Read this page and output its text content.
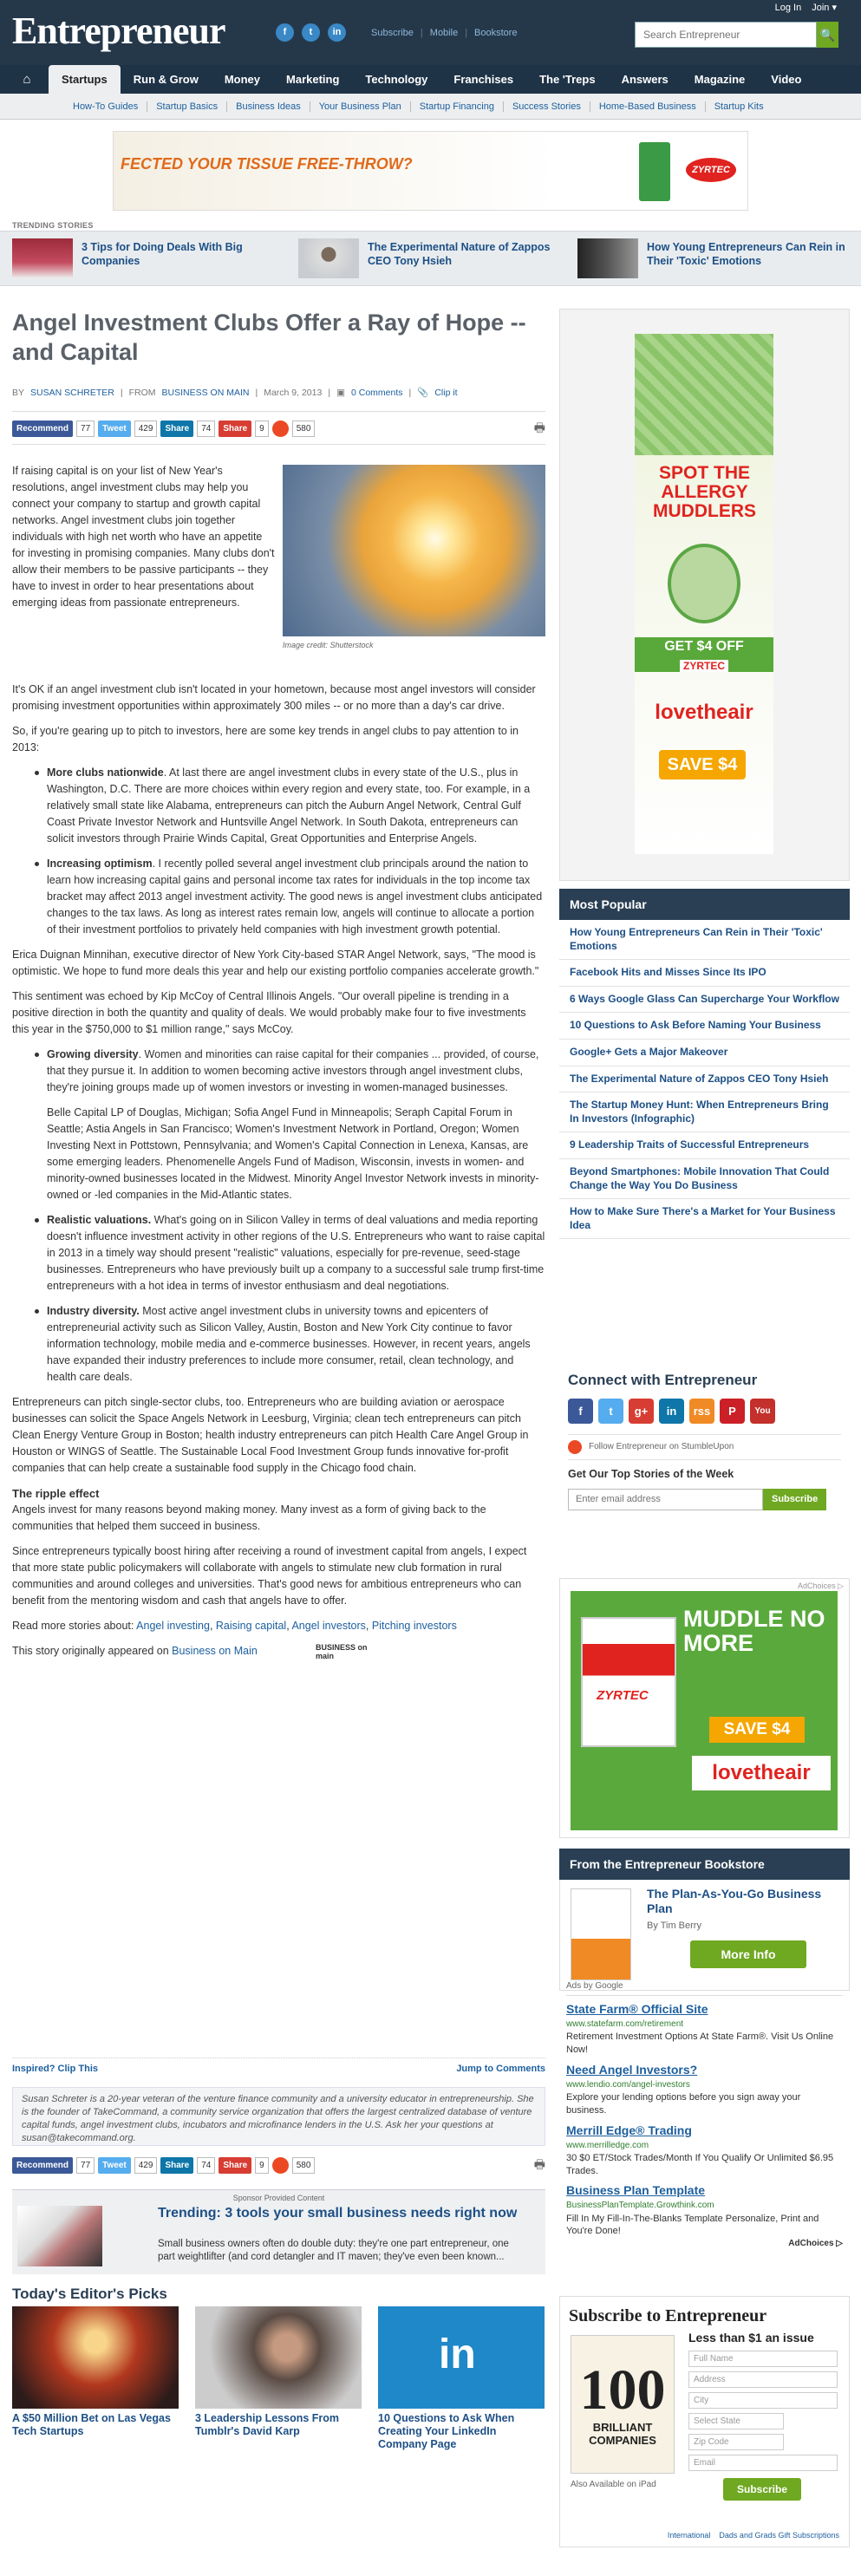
Entrepreneur	f	t	in	Subscribe | Mobile | Bookstore
Log In Join ▾
Search Entrepreneur
🔍
⌂	Startups	Run & Grow	Money	Marketing	Technology	Franchises	The 'Treps	Answers	Magazine	Video
How-To Guides	Startup Basics	Business Ideas	Your Business Plan	Startup Financing	Success Stories	Home-Based Business	Startup Kits
FECTED YOUR TISSUE FREE-THROW?	ZYRTEC
TRENDING STORIES
3 Tips for Doing Deals With Big Companies
The Experimental Nature of Zappos CEO Tony Hsieh
How Young Entrepreneurs Can Rein in Their 'Toxic' Emotions
Angel Investment Clubs Offer a Ray of Hope -- and Capital
BY SUSAN SCHRETER | FROM BUSINESS ON MAIN | March 9, 2013 | ▣ 0 Comments | 📎 Clip it
Recommend	77	Tweet	429	Share	74	Share	9	580	🖶
Image credit: Shutterstock

If raising capital is on your list of New Year's resolutions, angel investment clubs may help you connect your company to startup and growth capital networks. Angel investment clubs join together individuals with high net worth who have an appetite for investing in promising companies. Many clubs don't allow their members to be passive participants -- they have to invest in order to hear presentations about emerging ideas from passionate entrepreneurs.

It's OK if an angel investment club isn't located in your hometown, because most angel investors will consider promising investment opportunities within approximately 300 miles -- or no more than a day's car drive.

So, if you're gearing up to pitch to investors, here are some key trends in angel clubs to pay attention to in 2013:

More clubs nationwide. At last there are angel investment clubs in every state of the U.S., plus in Washington, D.C. There are more choices within every region and every state, too. For example, in a relatively small state like Alabama, entrepreneurs can pitch the Auburn Angel Network, Central Gulf Coast Private Investor Network and Huntsville Angel Network. In South Dakota, entrepreneurs can solicit investors through Prairie Winds Capital, Great Opportunities and Enterprise Angels.

Increasing optimism. I recently polled several angel investment club principals around the nation to learn how increasing capital gains and personal income tax rates for individuals in the top income tax bracket may affect 2013 angel investment activity. The good news is angel investment clubs anticipated changes to the tax laws. As long as interest rates remain low, angels will continue to allocate a portion of their investment portfolios to privately held companies with high investment growth potential.

Erica Duignan Minnihan, executive director of New York City-based STAR Angel Network, says, "The mood is optimistic. We hope to fund more deals this year and help our existing portfolio companies accelerate growth."

This sentiment was echoed by Kip McCoy of Central Illinois Angels. "Our overall pipeline is trending in a positive direction in both the quantity and quality of deals. We would probably make four to five investments this year in the $750,000 to $1 million range," says McCoy.

Growing diversity. Women and minorities can raise capital for their companies ... provided, of course, that they pursue it. In addition to women becoming active investors through angel investment clubs, they're joining groups made up of women investors or investing in women-managed businesses.

Belle Capital LP of Douglas, Michigan; Sofia Angel Fund in Minneapolis; Seraph Capital Forum in Seattle; Astia Angels in San Francisco; Women's Investment Network in Portland, Oregon; Women Investing Next in Pottstown, Pennsylvania; and Women's Capital Connection in Lenexa, Kansas, are some emerging leaders. Phenomenelle Angels Fund of Madison, Wisconsin, invests in women- and minority-owned businesses located in the Midwest. Minority Angel Investor Network invests in minority-owned or -led companies in the Mid-Atlantic states.

Realistic valuations. What's going on in Silicon Valley in terms of deal valuations and media reporting doesn't influence investment activity in other regions of the U.S. Entrepreneurs who want to raise capital in 2013 in a timely way should present "realistic" valuations, especially for pre-revenue, seed-stage businesses. Entrepreneurs who have previously built up a company to a successful sale trump first-time entrepreneurs with a hot idea in terms of investor enthusiasm and deal negotiations.

Industry diversity. Most active angel investment clubs in university towns and epicenters of entrepreneurial activity such as Silicon Valley, Austin, Boston and New York City continue to favor information technology, mobile media and e-commerce businesses. However, in recent years, angels have expanded their industry preferences to include more consumer, retail, clean technology, and health care deals.

Entrepreneurs can pitch single-sector clubs, too. Entrepreneurs who are building aviation or aerospace businesses can solicit the Space Angels Network in Leesburg, Virginia; clean tech entrepreneurs can pitch Clean Energy Venture Group in Boston; health industry entrepreneurs can pitch Health Care Angel Group in Houston or WINGS of Seattle. The Sustainable Local Food Investment Group funds innovative for-profit companies that can help create a sustainable food supply in the Chicago food chain.

The ripple effect

Angels invest for many reasons beyond making money. Many invest as a form of giving back to the communities that helped them succeed in business.

Since entrepreneurs typically boost hiring after receiving a round of investment capital from angels, I expect that more state public policymakers will collaborate with angels to stimulate new club formation in rural communities and around colleges and universities. That's good news for ambitious entrepreneurs who can benefit from the mentoring wisdom and cash that angels have to offer.

Read more stories about: Angel investing, Raising capital, Angel investors, Pitching investors

This story originally appeared on Business on Main	BUSINESS on main

Inspired? Clip This	Jump to Comments
Susan Schreter is a 20-year veteran of the venture finance community and a university educator in entrepreneurship. She is the founder of TakeCommand, a community service organization that offers the largest centralized database of venture capital funds, angel investment clubs, incubators and microfinance lenders in the U.S. Ask her your questions at susan@takecommand.org.
Recommend	77	Tweet	429	Share	74	Share	9	580	🖶
Sponsor Provided Content
Trending: 3 tools your small business needs right now
Small business owners often do double duty: they're one part entrepreneur, one part weightlifter (and cord detangler and IT maven; they've even been known...
Today's Editor's Picks
A $50 Million Bet on Las Vegas Tech Startups
3 Leadership Lessons From Tumblr's David Karp
in
10 Questions to Ask When Creating Your LinkedIn Company Page
SPOT THE ALLERGY MUDDLERS
GET $4 OFF
ZYRTEC
lovetheair
SAVE $4
Most Popular
How Young Entrepreneurs Can Rein in Their 'Toxic' Emotions
Facebook Hits and Misses Since Its IPO
6 Ways Google Glass Can Supercharge Your Workflow
10 Questions to Ask Before Naming Your Business
Google+ Gets a Major Makeover
The Experimental Nature of Zappos CEO Tony Hsieh
The Startup Money Hunt: When Entrepreneurs Bring In Investors (Infographic)
9 Leadership Traits of Successful Entrepreneurs
Beyond Smartphones: Mobile Innovation That Could Change the Way You Do Business
How to Make Sure There's a Market for Your Business Idea
Connect with Entrepreneur
f	t	g+	in	rss	P	You
Follow Entrepreneur on StumbleUpon
Get Our Top Stories of the Week
Enter email address
Subscribe
AdChoices ▷
MUDDLE NO MORE
SAVE $4
lovetheair
ZYRTEC
From the Entrepreneur Bookstore
The Plan-As-You-Go Business Plan
By Tim Berry
More Info
Ads by Google
State Farm® Official Site
www.statefarm.com/retirement
Retirement Investment Options At State Farm®. Visit Us Online Now!
Need Angel Investors?
www.lendio.com/angel-investors
Explore your lending options before you sign away your business.
Merrill Edge® Trading
www.merrilledge.com
30 $0 ET/Stock Trades/Month If You Qualify Or Unlimited $6.95 Trades.
Business Plan Template
BusinessPlanTemplate.Growthink.com
Fill In My Fill-In-The-Blanks Template Personalize, Print and You're Done!
AdChoices ▷
Subscribe to Entrepreneur
100
BRILLIANT COMPANIES
Also Available on iPad
Less than $1 an issue
Full Name
Address
City
Select State
Zip Code
Email
Subscribe
International Dads and Grads Gift Subscriptions
